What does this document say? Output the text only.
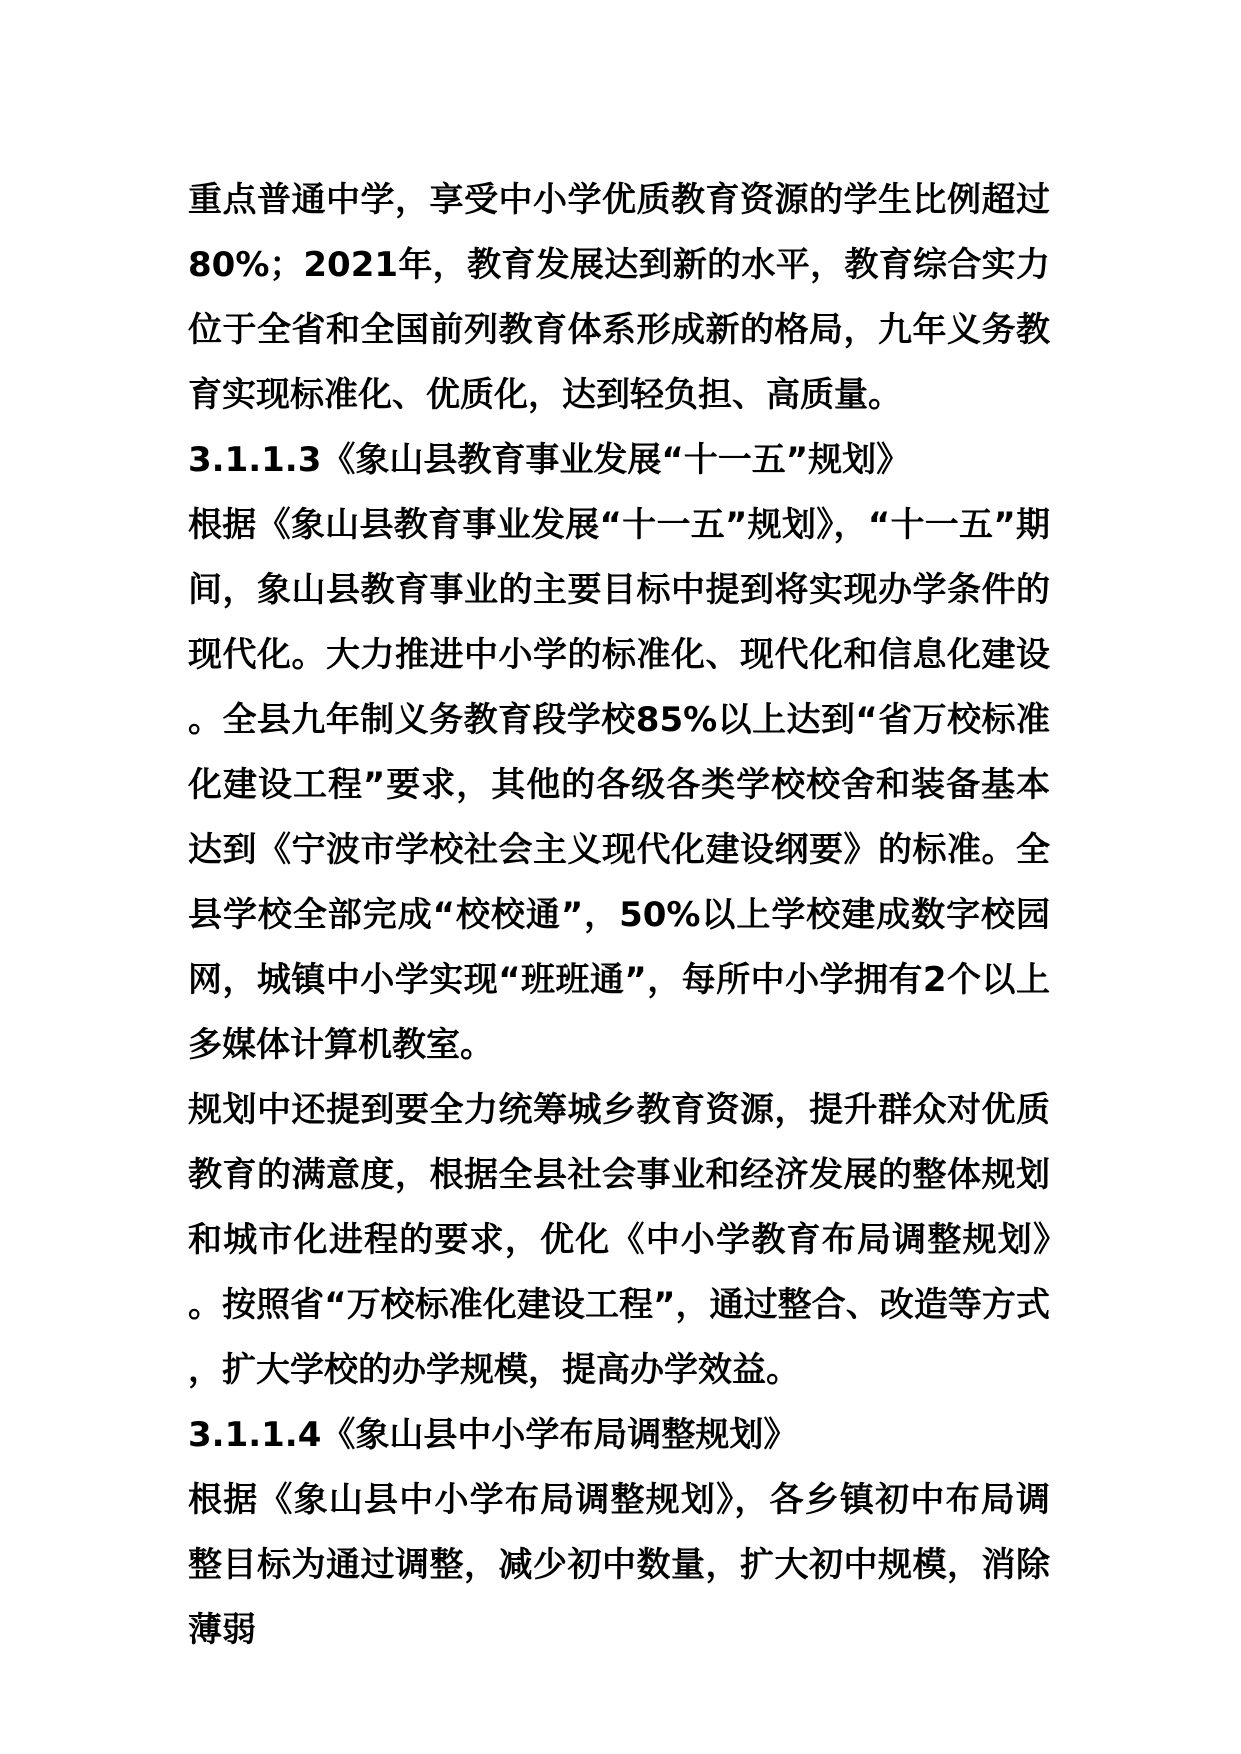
重点普通中学，享受中小学优质教育资源的学生比例超过80%；2021年，教育发展达到新的水平，教育综合实力位于全省和全国前列教育体系形成新的格局，九年义务教育实现标准化、优质化，达到轻负担、高质量。

3.1.1.3《象山县教育事业发展“十一五”规划》

根据《象山县教育事业发展“十一五”规划》，“十一五”期间，象山县教育事业的主要目标中提到将实现办学条件的现代化。大力推进中小学的标准化、现代化和信息化建设。全县九年制义务教育段学校85%以上达到“省万校标准化建设工程”要求，其他的各级各类学校校舍和装备基本达到《宁波市学校社会主义现代化建设纲要》的标准。全县学校全部完成“校校通”，50%以上学校建成数字校园网，城镇中小学实现“班班通”，每所中小学拥有2个以上多媒体计算机教室。

规划中还提到要全力统筹城乡教育资源，提升群众对优质教育的满意度，根据全县社会事业和经济发展的整体规划和城市化进程的要求，优化《中小学教育布局调整规划》。按照省“万校标准化建设工程”，通过整合、改造等方式，扩大学校的办学规模，提高办学效益。

3.1.1.4《象山县中小学布局调整规划》

根据《象山县中小学布局调整规划》，各乡镇初中布局调整目标为通过调整，减少初中数量，扩大初中规模，消除薄弱
